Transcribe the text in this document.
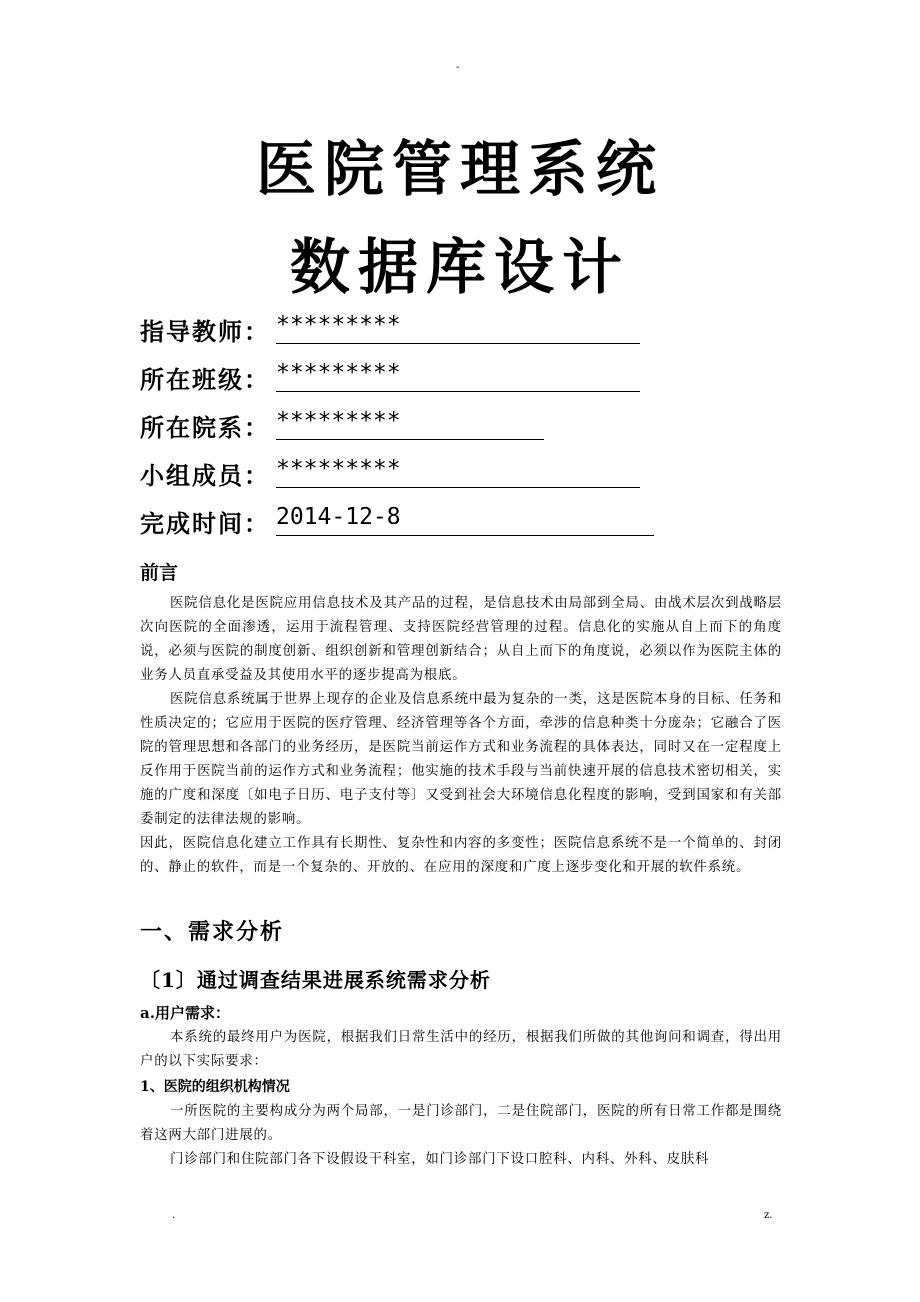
-
医院管理系统
数据库设计
指导教师： *********
所在班级： *********
所在院系： *********
小组成员： *********
完成时间： 2014-12-8
前言

医院信息化是医院应用信息技术及其产品的过程，是信息技术由局部到全局、由战术层次到战略层次向医院的全面渗透，运用于流程管理、支持医院经营管理的过程。信息化的实施从自上而下的角度说，必须与医院的制度创新、组织创新和管理创新结合；从自上而下的角度说，必须以作为医院主体的业务人员直承受益及其使用水平的逐步提高为根底。

医院信息系统属于世界上现存的企业及信息系统中最为复杂的一类，这是医院本身的目标、任务和性质决定的；它应用于医院的医疗管理、经济管理等各个方面，牵涉的信息种类十分庞杂；它融合了医院的管理思想和各部门的业务经历，是医院当前运作方式和业务流程的具体表达，同时又在一定程度上反作用于医院当前的运作方式和业务流程；他实施的技术手段与当前快速开展的信息技术密切相关，实施的广度和深度〔如电子日历、电子支付等〕又受到社会大环境信息化程度的影响，受到国家和有关部委制定的法律法规的影响。

因此，医院信息化建立工作具有长期性、复杂性和内容的多变性；医院信息系统不是一个简单的、封闭的、静止的软件，而是一个复杂的、开放的、在应用的深度和广度上逐步变化和开展的软件系统。

一、需求分析
〔1〕通过调查结果进展系统需求分析
a.用户需求：

本系统的最终用户为医院，根据我们日常生活中的经历，根据我们所做的其他询问和调查，得出用户的以下实际要求：

1、医院的组织机构情况

一所医院的主要构成分为两个局部，一是门诊部门，二是住院部门，医院的所有日常工作都是围绕着这两大部门进展的。

门诊部门和住院部门各下设假设干科室，如门诊部门下设口腔科、内科、外科、皮肤科

.	z.
